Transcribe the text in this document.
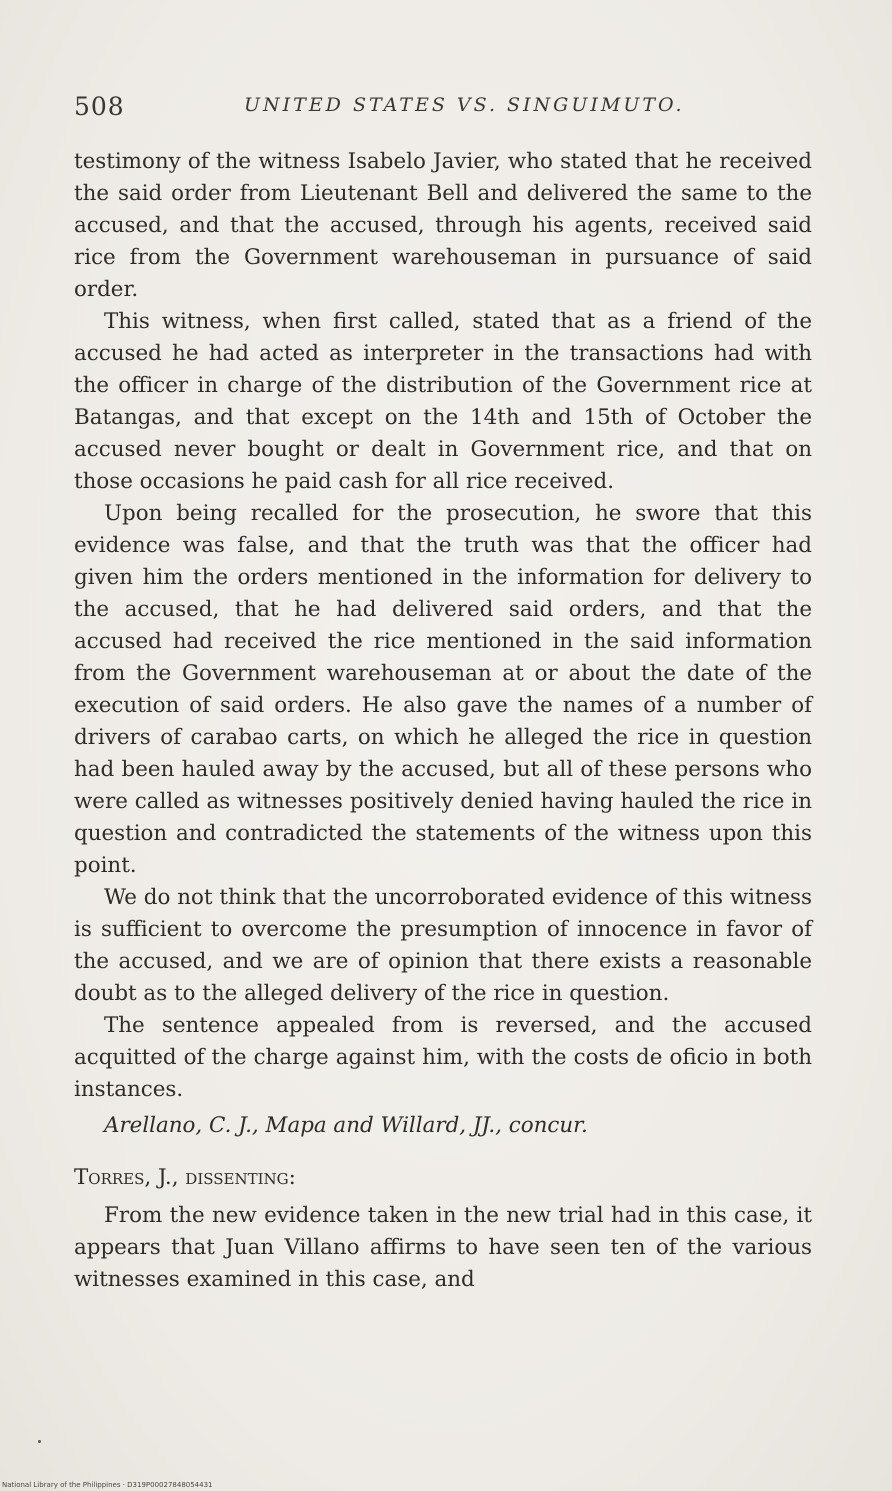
508	UNITED STATES VS. SINGUIMUTO.

testimony of the witness Isabelo Javier, who stated that he received the said order from Lieutenant Bell and delivered the same to the accused, and that the accused, through his agents, received said rice from the Government warehouseman in pursuance of said order.

This witness, when first called, stated that as a friend of the accused he had acted as interpreter in the transactions had with the officer in charge of the distribution of the Government rice at Batangas, and that except on the 14th and 15th of October the accused never bought or dealt in Government rice, and that on those occasions he paid cash for all rice received.

Upon being recalled for the prosecution, he swore that this evidence was false, and that the truth was that the officer had given him the orders mentioned in the information for delivery to the accused, that he had delivered said orders, and that the accused had received the rice mentioned in the said information from the Government warehouseman at or about the date of the execution of said orders. He also gave the names of a number of drivers of carabao carts, on which he alleged the rice in question had been hauled away by the accused, but all of these persons who were called as witnesses positively denied having hauled the rice in question and contradicted the statements of the witness upon this point.

We do not think that the uncorroborated evidence of this witness is sufficient to overcome the presumption of innocence in favor of the accused, and we are of opinion that there exists a reasonable doubt as to the alleged delivery of the rice in question.

The sentence appealed from is reversed, and the accused acquitted of the charge against him, with the costs de oficio in both instances.

Arellano, C. J., Mapa and Willard, JJ., concur.

Torres, J., dissenting:

From the new evidence taken in the new trial had in this case, it appears that Juan Villano affirms to have seen ten of the various witnesses examined in this case, and

National Library of the Philippines · D319P00027848054431
